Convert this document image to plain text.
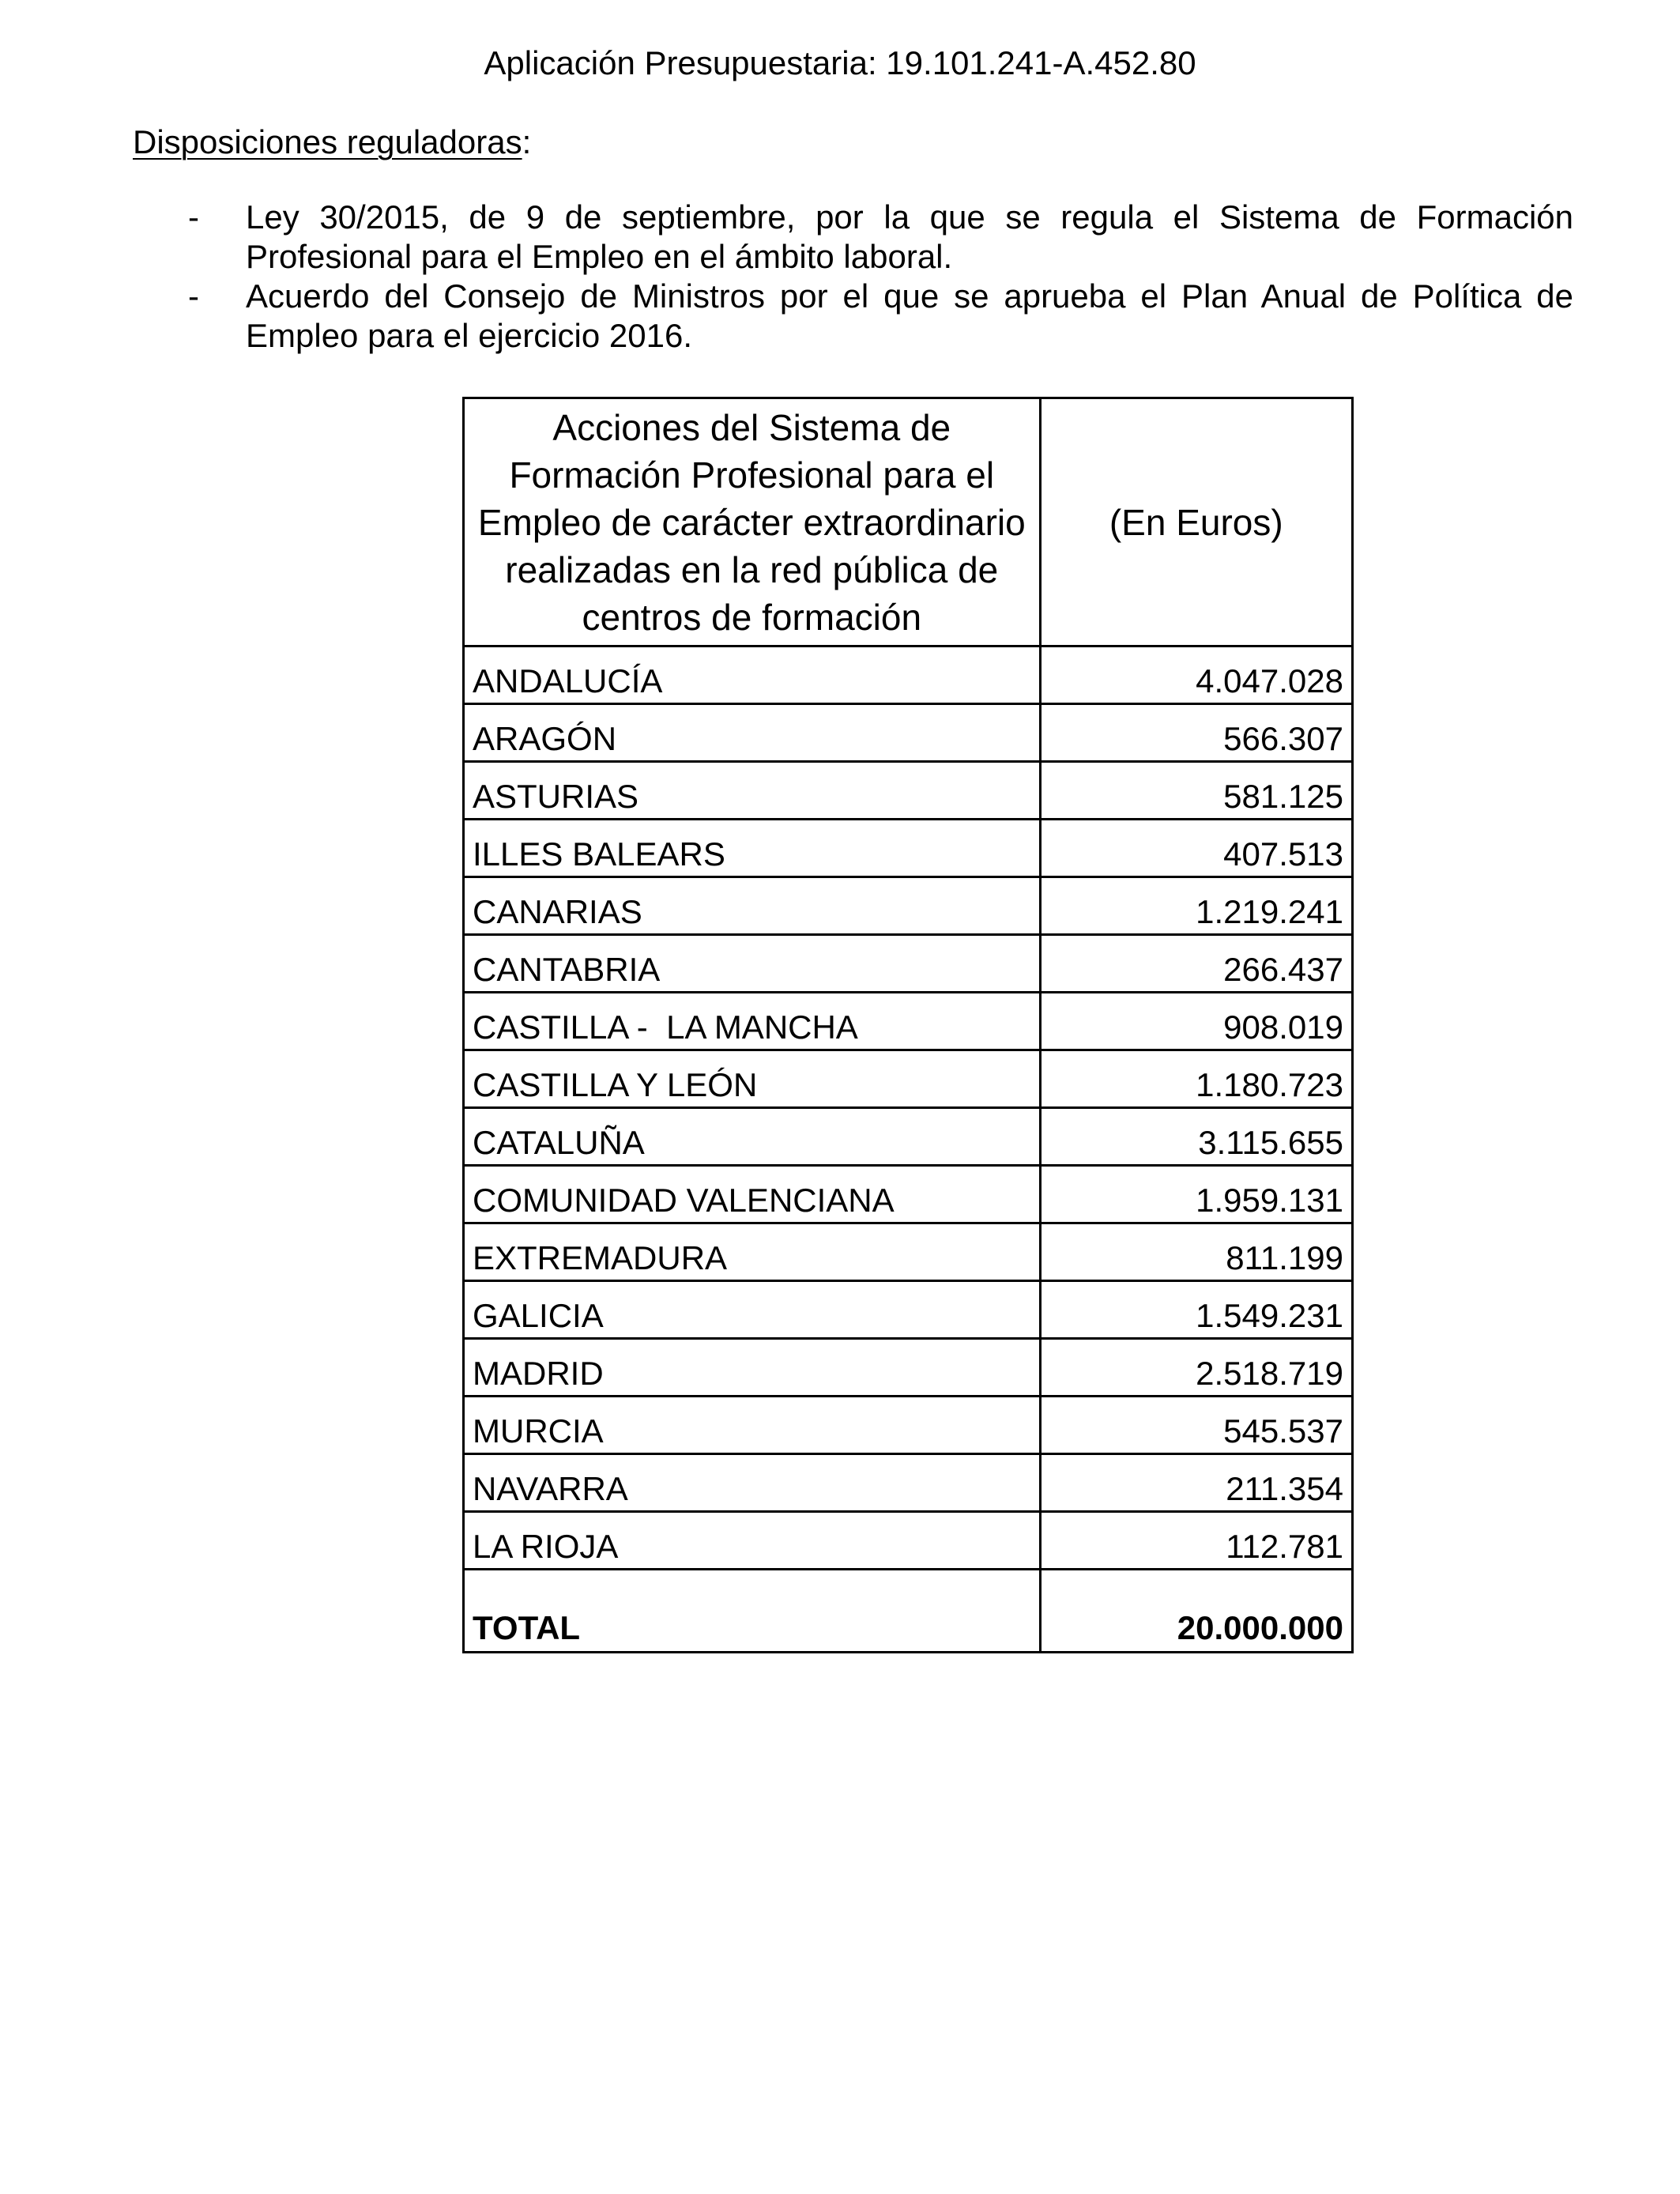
Aplicación Presupuestaria: 19.101.241-A.452.80
Disposiciones reguladoras:
- Ley 30/2015, de 9 de septiembre, por la que se regula el Sistema de Formación Profesional para el Empleo en el ámbito laboral.
- Acuerdo del Consejo de Ministros por el que se aprueba el Plan Anual de Política de Empleo para el ejercicio 2016.
Acciones del Sistema de
Formación Profesional para el
Empleo de carácter extraordinario
realizadas en la red pública de
centros de formación	(En Euros)
ANDALUCÍA	4.047.028
ARAGÓN	566.307
ASTURIAS	581.125
ILLES BALEARS	407.513
CANARIAS	1.219.241
CANTABRIA	266.437
CASTILLA -  LA MANCHA	908.019
CASTILLA Y LEÓN	1.180.723
CATALUÑA	3.115.655
COMUNIDAD VALENCIANA	1.959.131
EXTREMADURA	811.199
GALICIA	1.549.231
MADRID	2.518.719
MURCIA	545.537
NAVARRA	211.354
LA RIOJA	112.781
TOTAL	20.000.000
